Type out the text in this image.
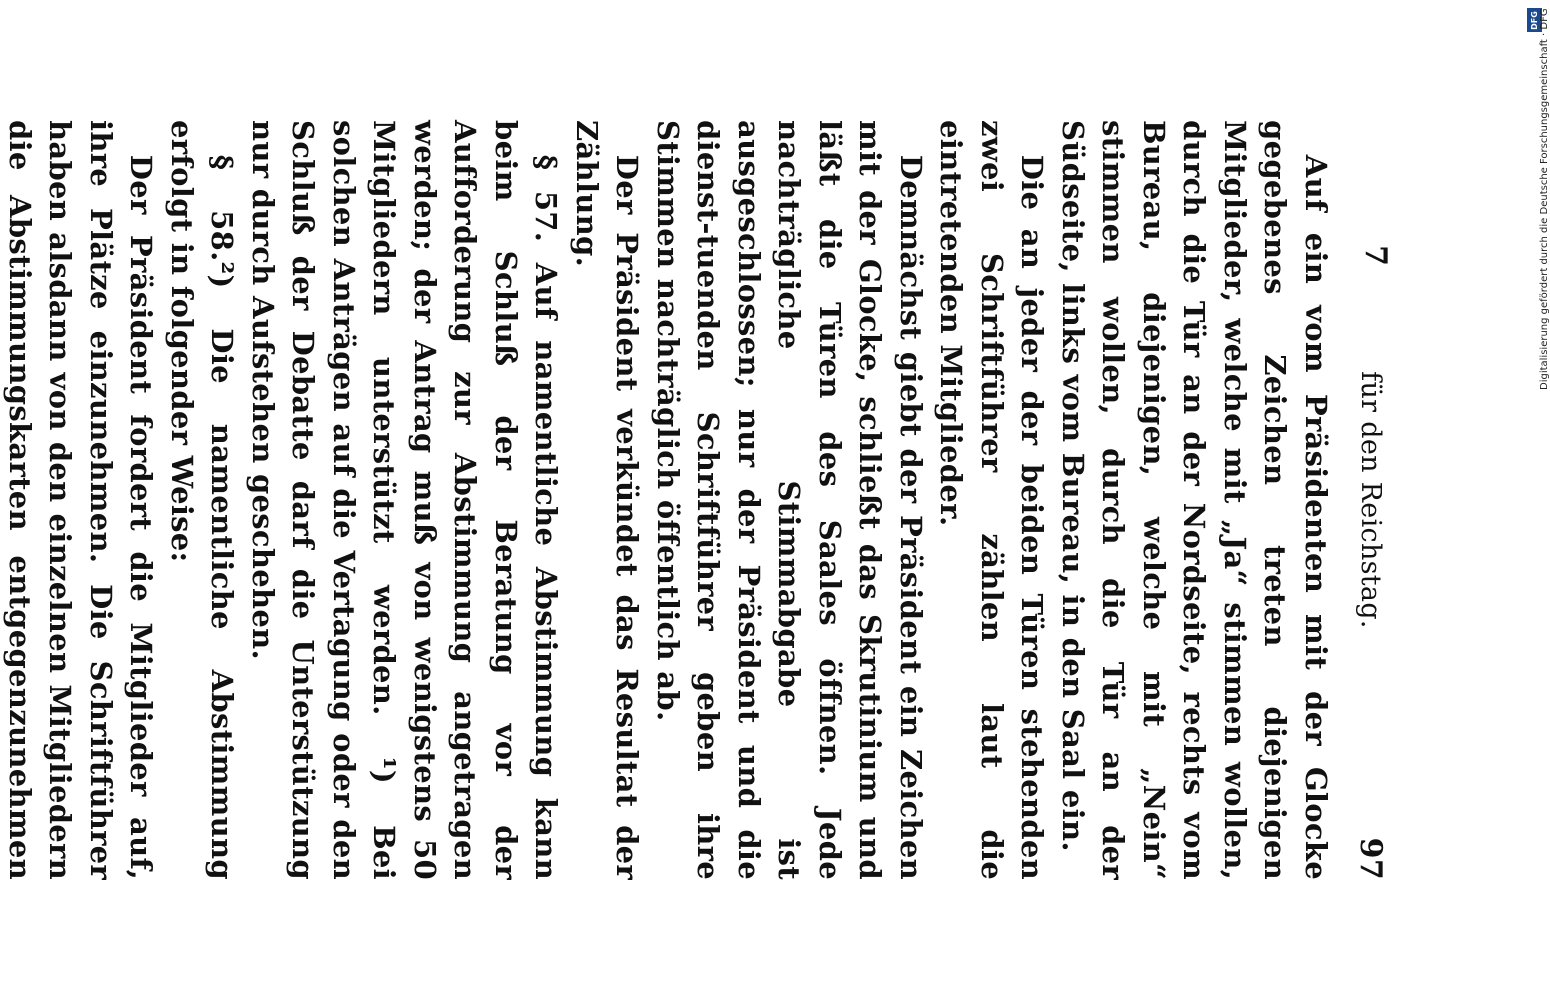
für den Reichstag.
97

Auf ein vom Präsidenten mit der Glocke gegebenes Zeichen treten diejenigen Mitglieder, welche mit „Ja“ stimmen wollen, durch die Tür an der Nordseite, rechts vom Bureau, diejenigen, welche mit „Nein“ stimmen wollen, durch die Tür an der Südseite, links vom Bureau, in den Saal ein.

Die an jeder der beiden Türen stehenden zwei Schriftführer zählen laut die eintretenden Mitglieder.

Demnächst giebt der Präsident ein Zeichen mit der Glocke, schließt das Skrutinium und läßt die Türen des Saales öffnen. Jede nachträgliche Stimmabgabe ist ausgeschlossen; nur der Präsident und die dienst-tuenden Schriftführer geben ihre Stimmen nachträglich öffentlich ab.

Der Präsident verkündet das Resultat der Zählung.

§ 57. Auf namentliche Abstimmung kann beim Schluß der Beratung vor der Aufforderung zur Abstimmung angetragen werden; der Antrag muß von wenigstens 50 Mitgliedern unterstützt werden. ¹) Bei solchen Anträgen auf die Vertagung oder den Schluß der Debatte darf die Unterstützung nur durch Aufstehen geschehen.

§ 58.²) Die namentliche Abstimmung erfolgt in folgender Weise:

Der Präsident fordert die Mitglieder auf, ihre Plätze einzunehmen. Die Schriftführer haben alsdann von den einzelnen Mitgliedern die Abstimmungskarten entgegenzunehmen

7
DFG Digitalisierung gefördert durch die Deutsche Forschungsgemeinschaft · DFG
